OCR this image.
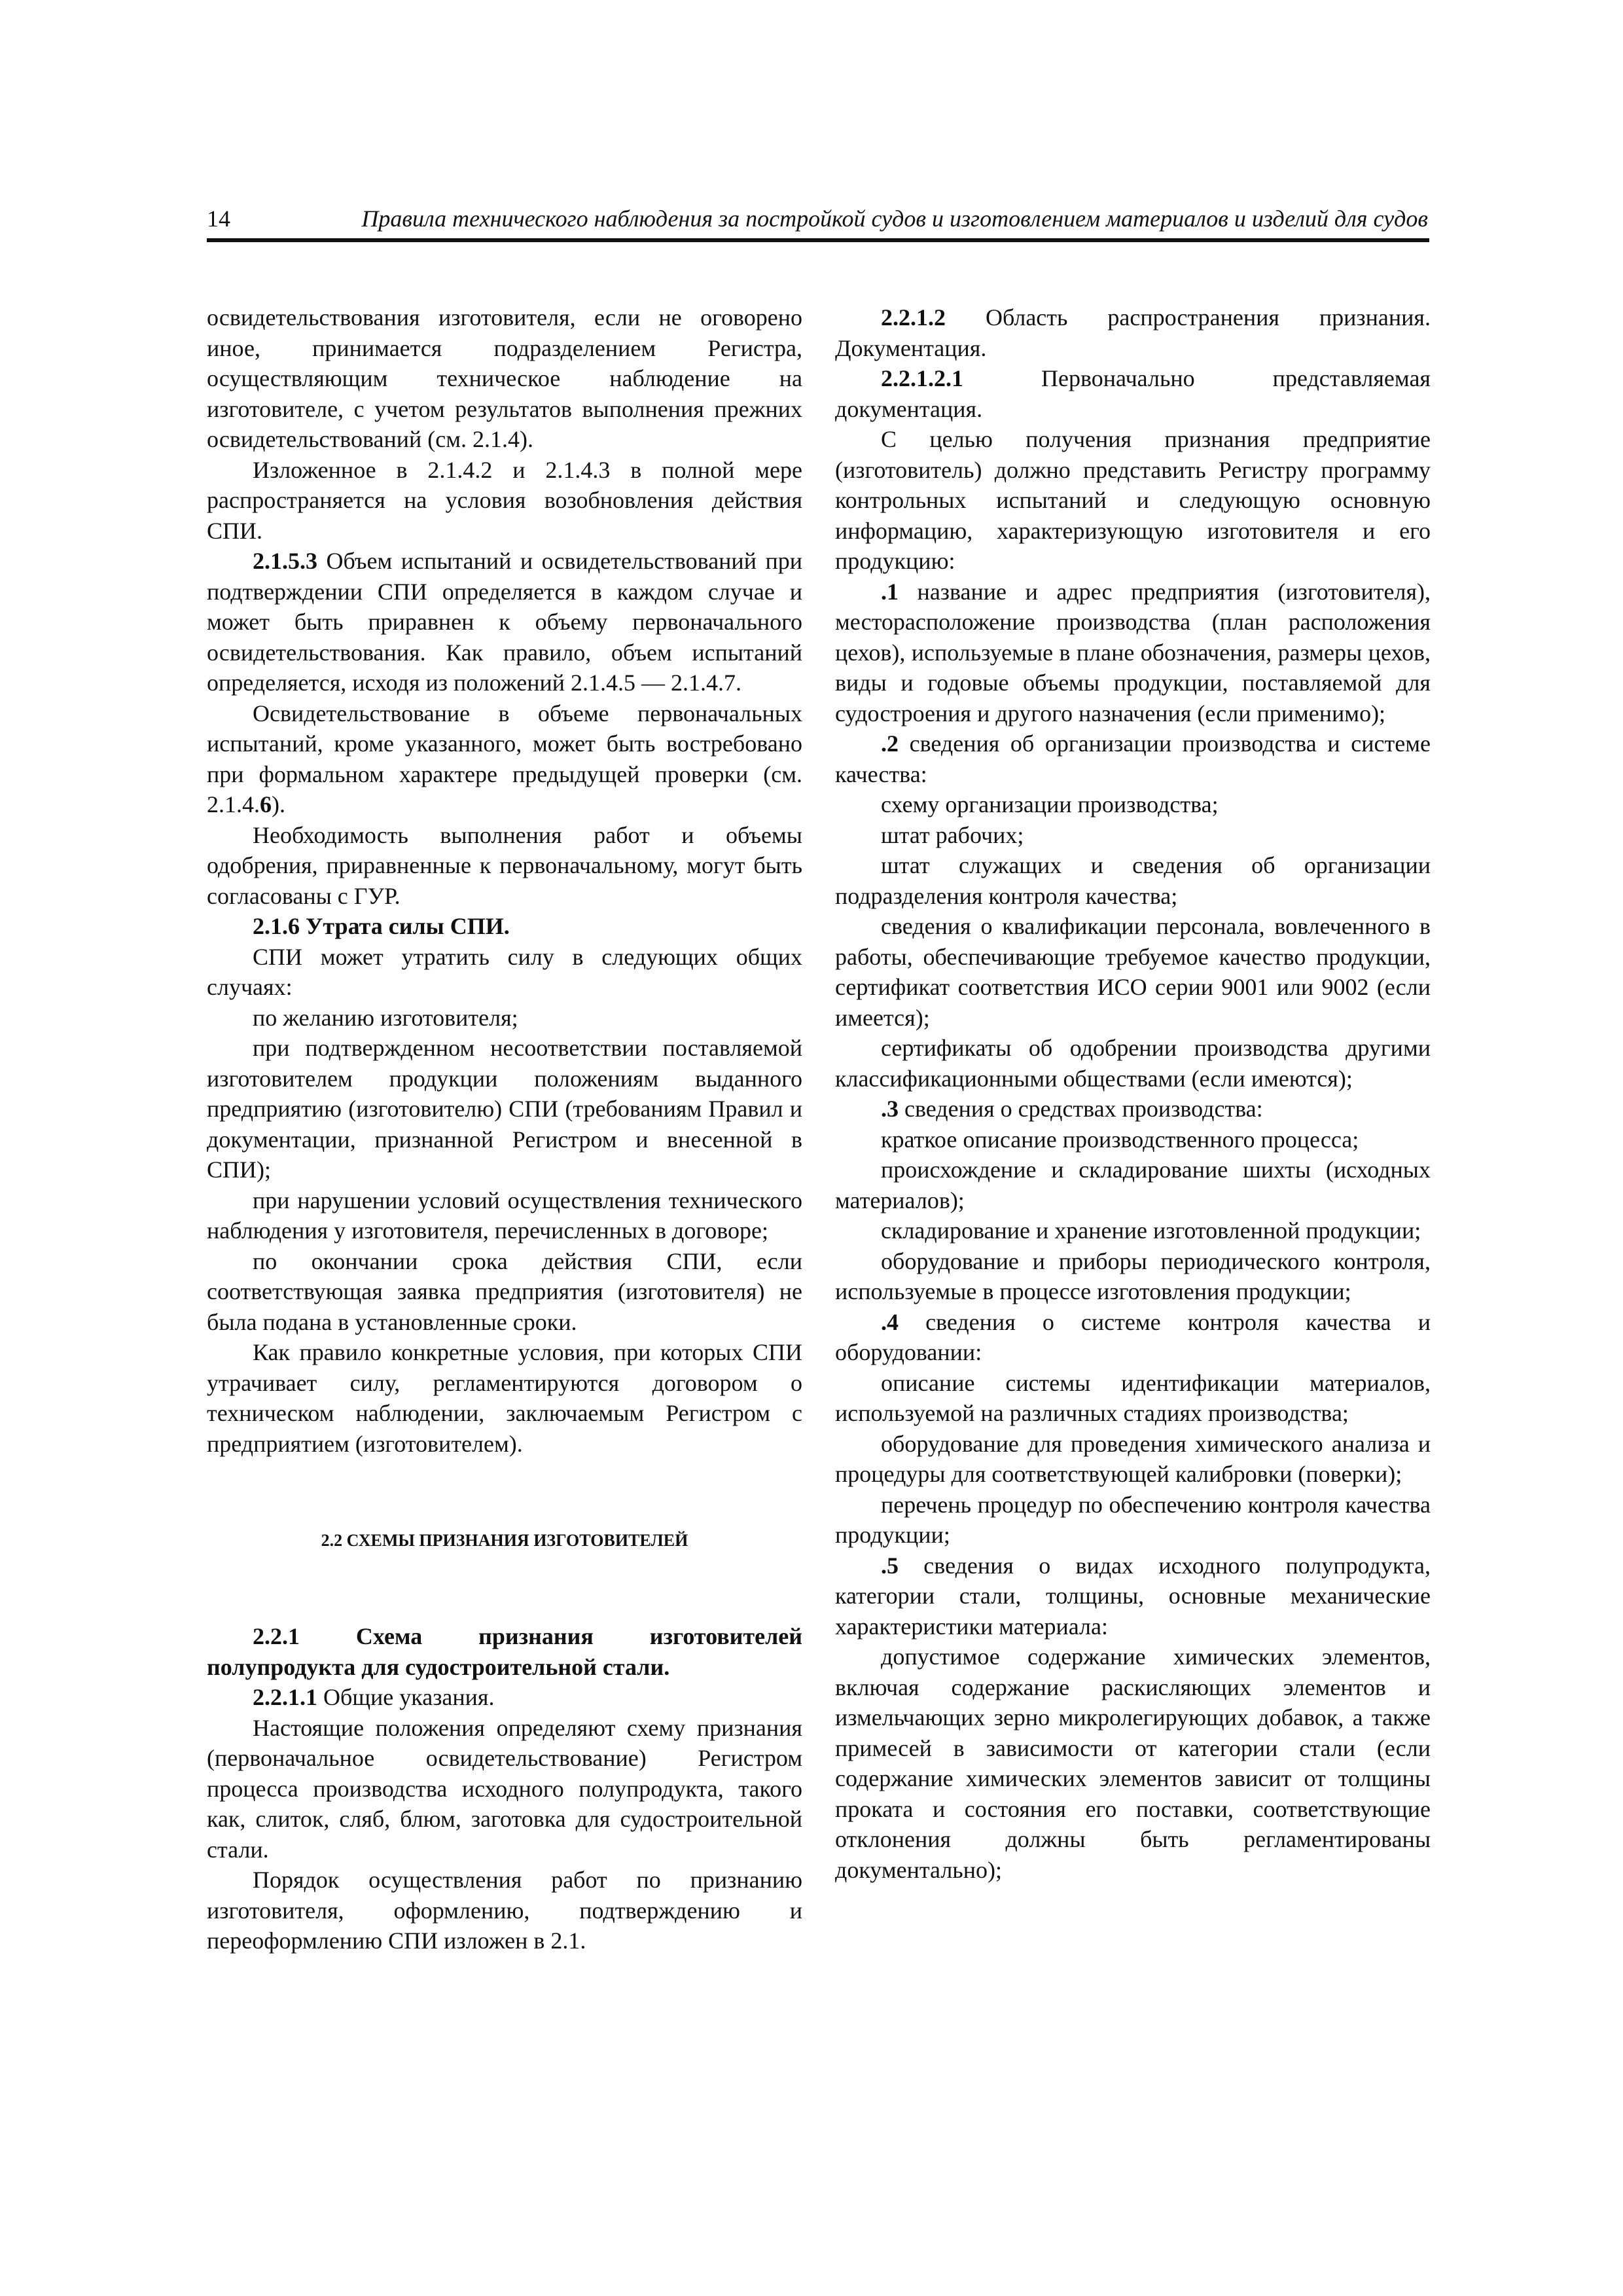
14	Правила технического наблюдения за постройкой судов и изготовлением материалов и изделий для судов

освидетельствования изготовителя, если не оговорено иное, принимается подразделением Регистра, осуществляющим техническое наблюдение на изготовителе, с учетом результатов выполнения прежних освидетельствований (см. 2.1.4).

Изложенное в 2.1.4.2 и 2.1.4.3 в полной мере распространяется на условия возобновления действия СПИ.

2.1.5.3 Объем испытаний и освидетельствований при подтверждении СПИ определяется в каждом случае и может быть приравнен к объему первоначального освидетельствования. Как правило, объем испытаний определяется, исходя из положений 2.1.4.5 — 2.1.4.7.

Освидетельствование в объеме первоначальных испытаний, кроме указанного, может быть востребовано при формальном характере предыдущей проверки (см. 2.1.4.6).

Необходимость выполнения работ и объемы одобрения, приравненные к первоначальному, могут быть согласованы с ГУР.

2.1.6 Утрата силы СПИ.

СПИ может утратить силу в следующих общих случаях:

по желанию изготовителя;

при подтвержденном несоответствии поставляемой изготовителем продукции положениям выданного предприятию (изготовителю) СПИ (требованиям Правил и документации, признанной Регистром и внесенной в СПИ);

при нарушении условий осуществления технического наблюдения у изготовителя, перечисленных в договоре;

по окончании срока действия СПИ, если соответствующая заявка предприятия (изготовителя) не была подана в установленные сроки.

Как правило конкретные условия, при которых СПИ утрачивает силу, регламентируются договором о техническом наблюдении, заключаемым Регистром с предприятием (изготовителем).

2.2 СХЕМЫ ПРИЗНАНИЯ ИЗГОТОВИТЕЛЕЙ

2.2.1 Схема признания изготовителей полупродукта для судостроительной стали.

2.2.1.1 Общие указания.

Настоящие положения определяют схему признания (первоначальное освидетельствование) Регистром процесса производства исходного полупродукта, такого как, слиток, сляб, блюм, заготовка для судостроительной стали.

Порядок осуществления работ по признанию изготовителя, оформлению, подтверждению и переоформлению СПИ изложен в 2.1.

2.2.1.2 Область распространения признания. Документация.

2.2.1.2.1 Первоначально представляемая документация.

С целью получения признания предприятие (изготовитель) должно представить Регистру программу контрольных испытаний и следующую основную информацию, характеризующую изготовителя и его продукцию:

.1 название и адрес предприятия (изготовителя), месторасположение производства (план расположения цехов), используемые в плане обозначения, размеры цехов, виды и годовые объемы продукции, поставляемой для судостроения и другого назначения (если применимо);

.2 сведения об организации производства и системе качества:

схему организации производства;

штат рабочих;

штат служащих и сведения об организации подразделения контроля качества;

сведения о квалификации персонала, вовлеченного в работы, обеспечивающие требуемое качество продукции, сертификат соответствия ИСО серии 9001 или 9002 (если имеется);

сертификаты об одобрении производства другими классификационными обществами (если имеются);

.3 сведения о средствах производства:

краткое описание производственного процесса;

происхождение и складирование шихты (исходных материалов);

складирование и хранение изготовленной продукции;

оборудование и приборы периодического контроля, используемые в процессе изготовления продукции;

.4 сведения о системе контроля качества и оборудовании:

описание системы идентификации материалов, используемой на различных стадиях производства;

оборудование для проведения химического анализа и процедуры для соответствующей калибровки (поверки);

перечень процедур по обеспечению контроля качества продукции;

.5 сведения о видах исходного полупродукта, категории стали, толщины, основные механические характеристики материала:

допустимое содержание химических элементов, включая содержание раскисляющих элементов и измельчающих зерно микролегирующих добавок, а также примесей в зависимости от категории стали (если содержание химических элементов зависит от толщины проката и состояния его поставки, соответствующие отклонения должны быть регламентированы документально);
